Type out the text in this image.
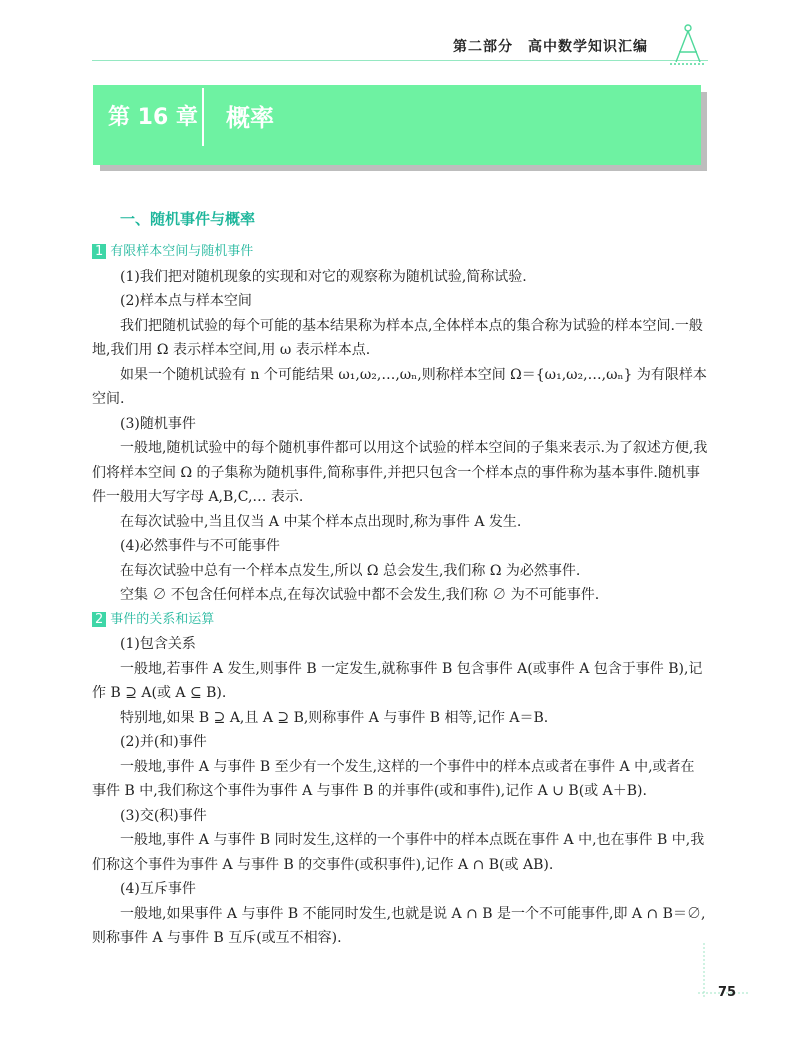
第二部分　高中数学知识汇编
第 16 章 概率
一、随机事件与概率

1 有限样本空间与随机事件

(1)我们把对随机现象的实现和对它的观察称为随机试验,简称试验.

(2)样本点与样本空间

我们把随机试验的每个可能的基本结果称为样本点,全体样本点的集合称为试验的样本空间.一般地,我们用 Ω 表示样本空间,用 ω 表示样本点.

如果一个随机试验有 n 个可能结果 ω₁,ω₂,…,ωₙ,则称样本空间 Ω＝{ω₁,ω₂,…,ωₙ} 为有限样本空间.

(3)随机事件

一般地,随机试验中的每个随机事件都可以用这个试验的样本空间的子集来表示.为了叙述方便,我们将样本空间 Ω 的子集称为随机事件,简称事件,并把只包含一个样本点的事件称为基本事件.随机事件一般用大写字母 A,B,C,… 表示.

在每次试验中,当且仅当 A 中某个样本点出现时,称为事件 A 发生.

(4)必然事件与不可能事件

在每次试验中总有一个样本点发生,所以 Ω 总会发生,我们称 Ω 为必然事件.

空集 ∅ 不包含任何样本点,在每次试验中都不会发生,我们称 ∅ 为不可能事件.

2 事件的关系和运算

(1)包含关系

一般地,若事件 A 发生,则事件 B 一定发生,就称事件 B 包含事件 A(或事件 A 包含于事件 B),记作 B ⊇ A(或 A ⊆ B).

特别地,如果 B ⊇ A,且 A ⊇ B,则称事件 A 与事件 B 相等,记作 A＝B.

(2)并(和)事件

一般地,事件 A 与事件 B 至少有一个发生,这样的一个事件中的样本点或者在事件 A 中,或者在事件 B 中,我们称这个事件为事件 A 与事件 B 的并事件(或和事件),记作 A ∪ B(或 A＋B).

(3)交(积)事件

一般地,事件 A 与事件 B 同时发生,这样的一个事件中的样本点既在事件 A 中,也在事件 B 中,我们称这个事件为事件 A 与事件 B 的交事件(或积事件),记作 A ∩ B(或 AB).

(4)互斥事件

一般地,如果事件 A 与事件 B 不能同时发生,也就是说 A ∩ B 是一个不可能事件,即 A ∩ B＝∅,则称事件 A 与事件 B 互斥(或互不相容).

75
